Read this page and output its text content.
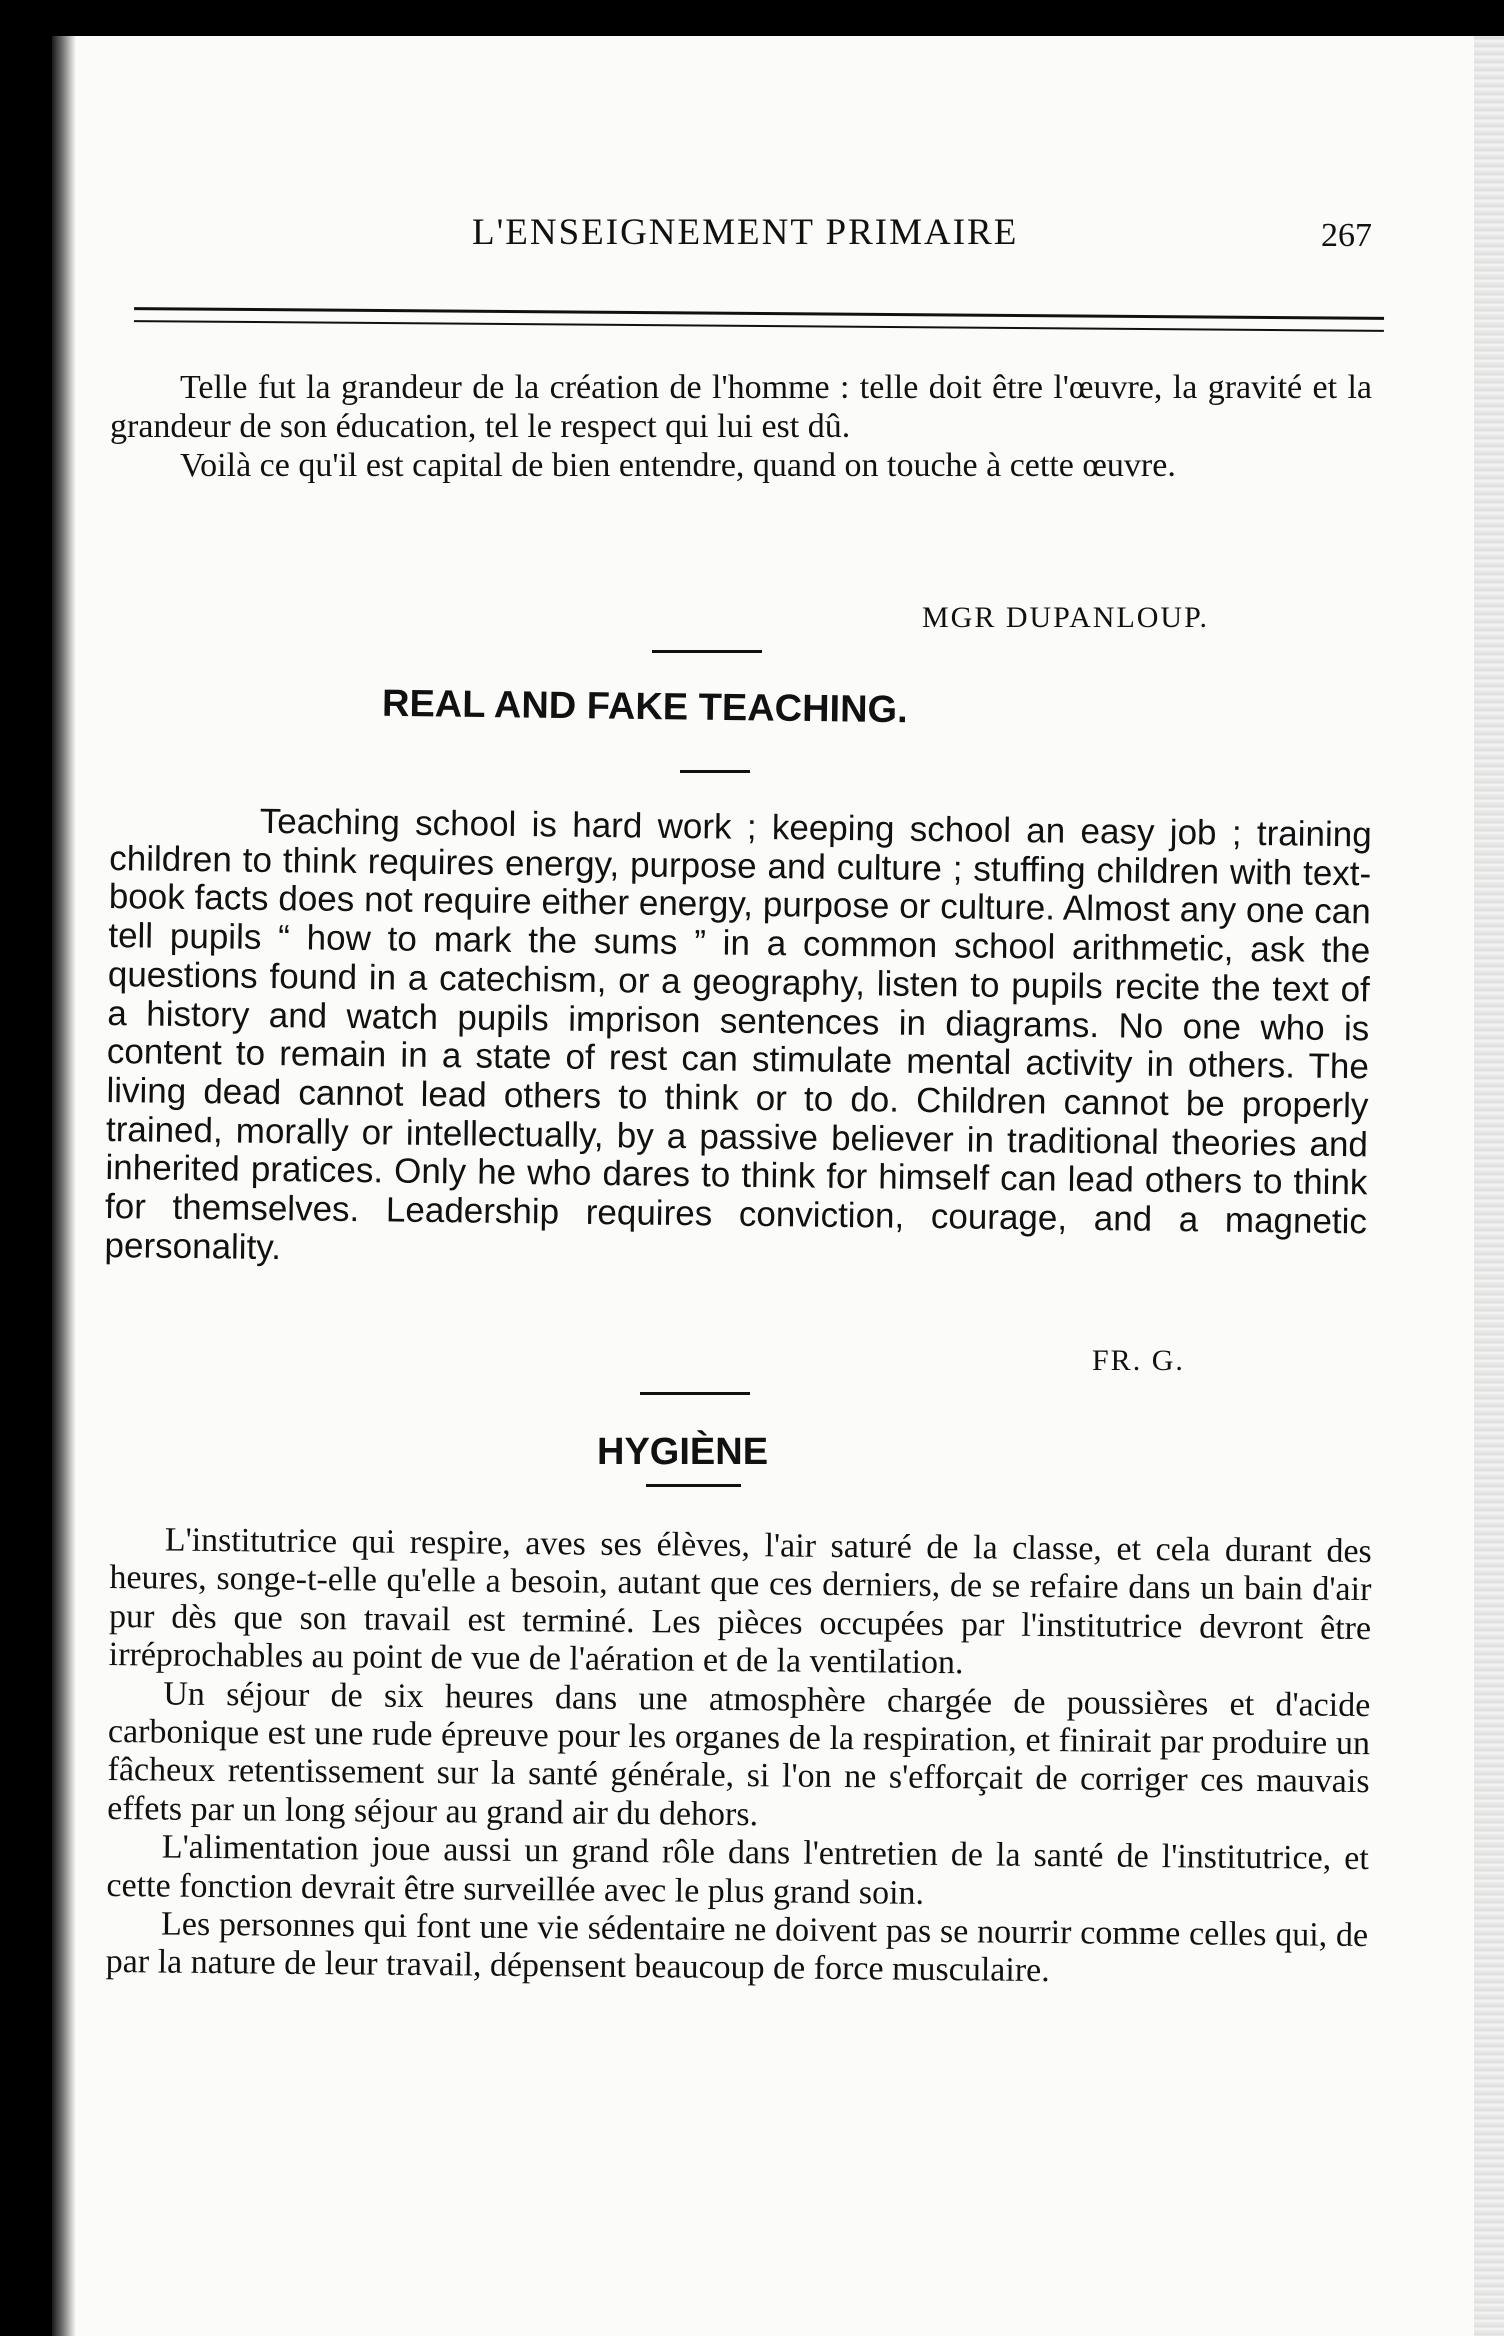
L'ENSEIGNEMENT PRIMAIRE	267

Telle fut la grandeur de la création de l'homme : telle doit être l'œuvre, la gravité et la grandeur de son éducation, tel le respect qui lui est dû.

Voilà ce qu'il est capital de bien entendre, quand on touche à cette œuvre.

MGR DUPANLOUP.
REAL AND FAKE TEACHING.

Teaching school is hard work ; keeping school an easy job ; training children to think requires energy, purpose and culture ; stuffing children with text-book facts does not require either energy, purpose or culture. Almost any one can tell pupils “ how to mark the sums ” in a common school arithmetic, ask the questions found in a catechism, or a geography, listen to pupils recite the text of a history and watch pupils imprison sentences in diagrams. No one who is content to remain in a state of rest can stimulate mental activity in others. The living dead cannot lead others to think or to do. Children cannot be properly trained, morally or intellectually, by a passive believer in traditional theories and inherited pratices. Only he who dares to think for himself can lead others to think for themselves. Leadership requires conviction, courage, and a magnetic personality.

FR. G.
HYGIÈNE

L'institutrice qui respire, aves ses élèves, l'air saturé de la classe, et cela durant des heures, songe-t-elle qu'elle a besoin, autant que ces derniers, de se refaire dans un bain d'air pur dès que son travail est terminé. Les pièces occupées par l'institutrice devront être irréprochables au point de vue de l'aération et de la ventilation.

Un séjour de six heures dans une atmosphère chargée de poussières et d'acide carbonique est une rude épreuve pour les organes de la respiration, et finirait par produire un fâcheux retentissement sur la santé générale, si l'on ne s'efforçait de corriger ces mauvais effets par un long séjour au grand air du dehors.

L'alimentation joue aussi un grand rôle dans l'entretien de la santé de l'institutrice, et cette fonction devrait être surveillée avec le plus grand soin.

Les personnes qui font une vie sédentaire ne doivent pas se nourrir comme celles qui, de par la nature de leur travail, dépensent beaucoup de force musculaire.
